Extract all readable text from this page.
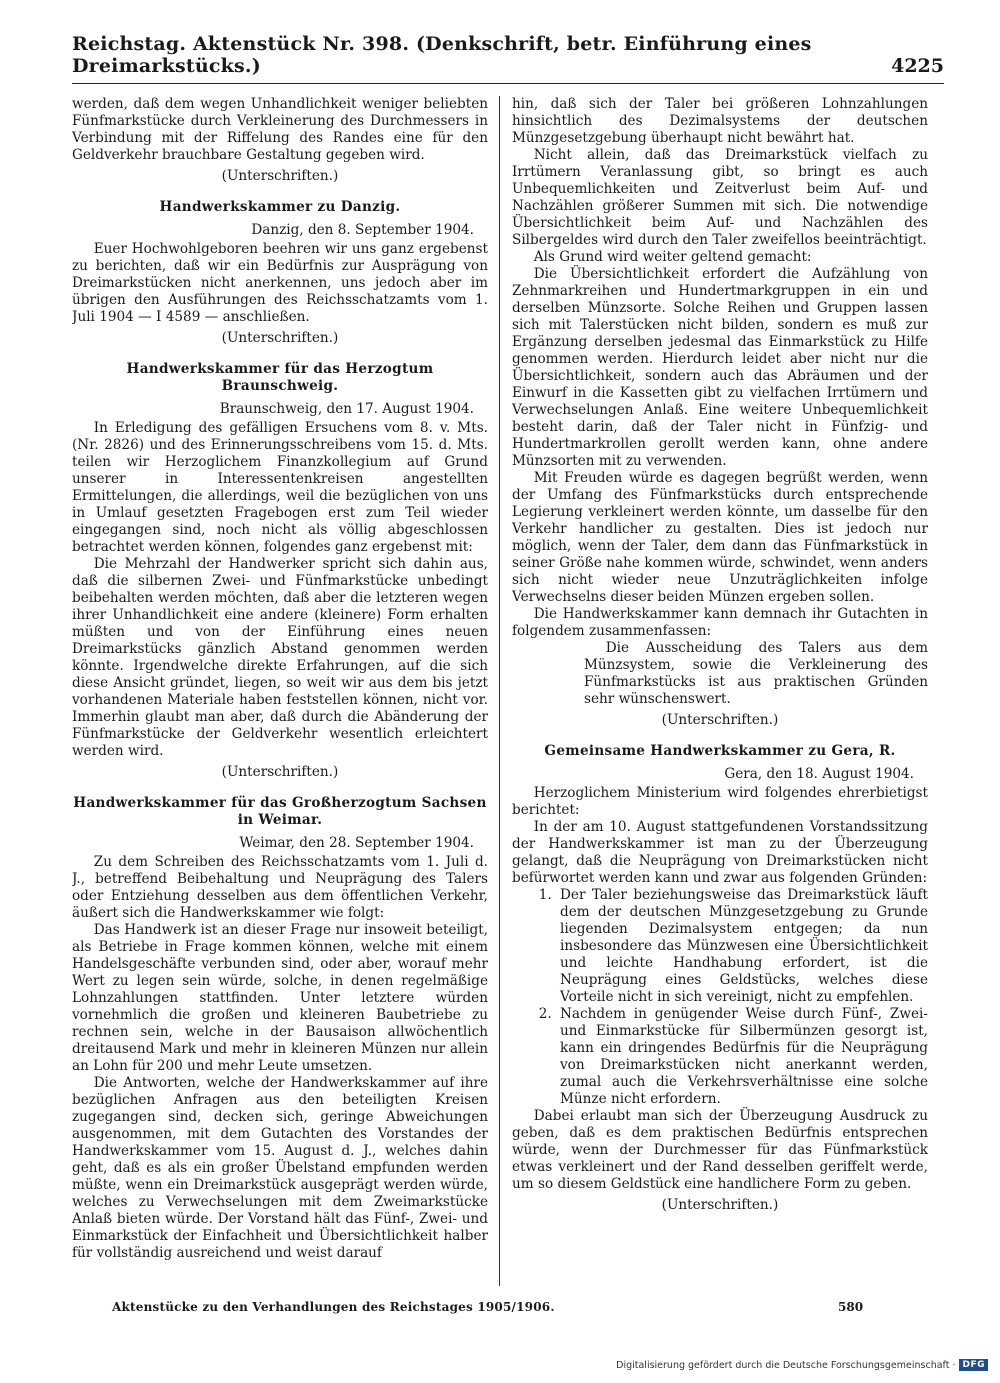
Reichstag. Aktenstück Nr. 398. (Denkschrift, betr. Einführung eines Dreimarkstücks.)	4225

werden, daß dem wegen Unhandlichkeit weniger beliebten Fünfmarkstücke durch Verkleinerung des Durchmessers in Verbindung mit der Riffelung des Randes eine für den Geldverkehr brauchbare Gestaltung gegeben wird.

(Unterschriften.)
Handwerkskammer zu Danzig.
Danzig, den 8. September 1904.

Euer Hochwohlgeboren beehren wir uns ganz ergebenst zu berichten, daß wir ein Bedürfnis zur Ausprägung von Dreimarkstücken nicht anerkennen, uns jedoch aber im übrigen den Ausführungen des Reichsschatzamts vom 1. Juli 1904 — I 4589 — anschließen.

(Unterschriften.)
Handwerkskammer für das Herzogtum Braunschweig.
Braunschweig, den 17. August 1904.

In Erledigung des gefälligen Ersuchens vom 8. v. Mts. (Nr. 2826) und des Erinnerungsschreibens vom 15. d. Mts. teilen wir Herzoglichem Finanzkollegium auf Grund unserer in Interessentenkreisen angestellten Ermittelungen, die allerdings, weil die bezüglichen von uns in Umlauf gesetzten Fragebogen erst zum Teil wieder eingegangen sind, noch nicht als völlig abgeschlossen betrachtet werden können, folgendes ganz ergebenst mit:

Die Mehrzahl der Handwerker spricht sich dahin aus, daß die silbernen Zwei- und Fünfmarkstücke unbedingt beibehalten werden möchten, daß aber die letzteren wegen ihrer Unhandlichkeit eine andere (kleinere) Form erhalten müßten und von der Einführung eines neuen Dreimarkstücks gänzlich Abstand genommen werden könnte. Irgendwelche direkte Erfahrungen, auf die sich diese Ansicht gründet, liegen, so weit wir aus dem bis jetzt vorhandenen Materiale haben feststellen können, nicht vor. Immerhin glaubt man aber, daß durch die Abänderung der Fünfmarkstücke der Geldverkehr wesentlich erleichtert werden wird.

(Unterschriften.)
Handwerkskammer für das Großherzogtum Sachsen in Weimar.
Weimar, den 28. September 1904.

Zu dem Schreiben des Reichsschatzamts vom 1. Juli d. J., betreffend Beibehaltung und Neuprägung des Talers oder Entziehung desselben aus dem öffentlichen Verkehr, äußert sich die Handwerkskammer wie folgt:

Das Handwerk ist an dieser Frage nur insoweit beteiligt, als Betriebe in Frage kommen können, welche mit einem Handelsgeschäfte verbunden sind, oder aber, worauf mehr Wert zu legen sein würde, solche, in denen regelmäßige Lohnzahlungen stattfinden. Unter letztere würden vornehmlich die großen und kleineren Baubetriebe zu rechnen sein, welche in der Bausaison allwöchentlich dreitausend Mark und mehr in kleineren Münzen nur allein an Lohn für 200 und mehr Leute umsetzen.

Die Antworten, welche der Handwerkskammer auf ihre bezüglichen Anfragen aus den beteiligten Kreisen zugegangen sind, decken sich, geringe Abweichungen ausgenommen, mit dem Gutachten des Vorstandes der Handwerkskammer vom 15. August d. J., welches dahin geht, daß es als ein großer Übelstand empfunden werden müßte, wenn ein Dreimarkstück ausgeprägt werden würde, welches zu Verwechselungen mit dem Zweimarkstücke Anlaß bieten würde. Der Vorstand hält das Fünf-, Zwei- und Einmarkstück der Einfachheit und Übersichtlichkeit halber für vollständig ausreichend und weist darauf

hin, daß sich der Taler bei größeren Lohnzahlungen hinsichtlich des Dezimalsystems der deutschen Münzgesetzgebung überhaupt nicht bewährt hat.

Nicht allein, daß das Dreimarkstück vielfach zu Irrtümern Veranlassung gibt, so bringt es auch Unbequemlichkeiten und Zeitverlust beim Auf- und Nachzählen größerer Summen mit sich. Die notwendige Übersichtlichkeit beim Auf- und Nachzählen des Silbergeldes wird durch den Taler zweifellos beeinträchtigt.

Als Grund wird weiter geltend gemacht:

Die Übersichtlichkeit erfordert die Aufzählung von Zehnmarkreihen und Hundertmarkgruppen in ein und derselben Münzsorte. Solche Reihen und Gruppen lassen sich mit Talerstücken nicht bilden, sondern es muß zur Ergänzung derselben jedesmal das Einmarkstück zu Hilfe genommen werden. Hierdurch leidet aber nicht nur die Übersichtlichkeit, sondern auch das Abräumen und der Einwurf in die Kassetten gibt zu vielfachen Irrtümern und Verwechselungen Anlaß. Eine weitere Unbequemlichkeit besteht darin, daß der Taler nicht in Fünfzig- und Hundertmarkrollen gerollt werden kann, ohne andere Münzsorten mit zu verwenden.

Mit Freuden würde es dagegen begrüßt werden, wenn der Umfang des Fünfmarkstücks durch entsprechende Legierung verkleinert werden könnte, um dasselbe für den Verkehr handlicher zu gestalten. Dies ist jedoch nur möglich, wenn der Taler, dem dann das Fünfmarkstück in seiner Größe nahe kommen würde, schwindet, wenn anders sich nicht wieder neue Unzuträglichkeiten infolge Verwechselns dieser beiden Münzen ergeben sollen.

Die Handwerkskammer kann demnach ihr Gutachten in folgendem zusammenfassen:

Die Ausscheidung des Talers aus dem Münzsystem, sowie die Verkleinerung des Fünfmarkstücks ist aus praktischen Gründen sehr wünschenswert.

(Unterschriften.)
Gemeinsame Handwerkskammer zu Gera, R.
Gera, den 18. August 1904.

Herzoglichem Ministerium wird folgendes ehrerbietigst berichtet:

In der am 10. August stattgefundenen Vorstandssitzung der Handwerkskammer ist man zu der Überzeugung gelangt, daß die Neuprägung von Dreimarkstücken nicht befürwortet werden kann und zwar aus folgenden Gründen:

1. Der Taler beziehungsweise das Dreimarkstück läuft dem der deutschen Münzgesetzgebung zu Grunde liegenden Dezimalsystem entgegen; da nun insbesondere das Münzwesen eine Übersichtlichkeit und leichte Handhabung erfordert, ist die Neuprägung eines Geldstücks, welches diese Vorteile nicht in sich vereinigt, nicht zu empfehlen.
2. Nachdem in genügender Weise durch Fünf-, Zwei- und Einmarkstücke für Silbermünzen gesorgt ist, kann ein dringendes Bedürfnis für die Neuprägung von Dreimarkstücken nicht anerkannt werden, zumal auch die Verkehrsverhältnisse eine solche Münze nicht erfordern.

Dabei erlaubt man sich der Überzeugung Ausdruck zu geben, daß es dem praktischen Bedürfnis entsprechen würde, wenn der Durchmesser für das Fünfmarkstück etwas verkleinert und der Rand desselben geriffelt werde, um so diesem Geldstück eine handlichere Form zu geben.

(Unterschriften.)
Aktenstücke zu den Verhandlungen des Reichstages 1905/1906.	580
Digitalisierung gefördert durch die Deutsche Forschungsgemeinschaft · DFG
